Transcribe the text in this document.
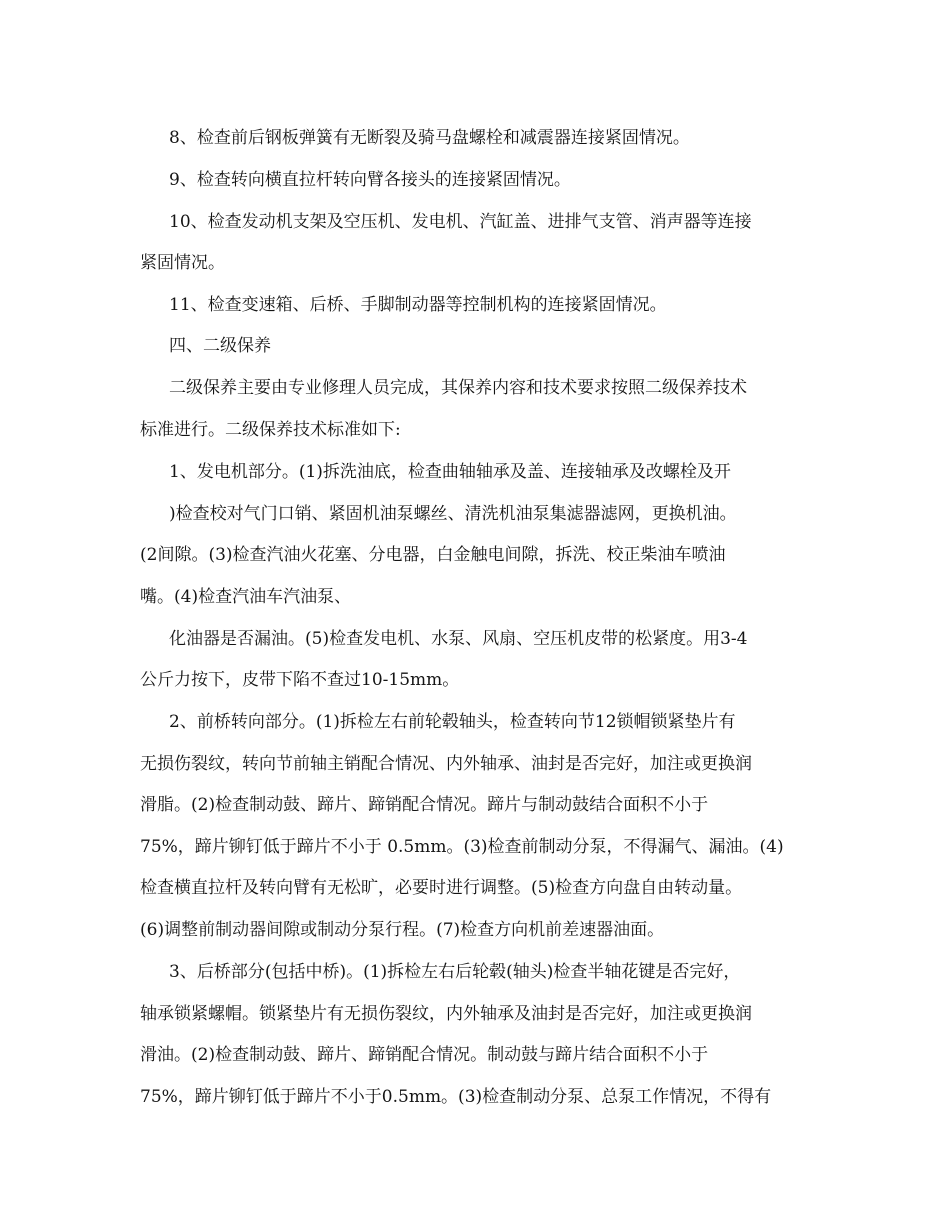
8、检查前后钢板弹簧有无断裂及骑马盘螺栓和减震器连接紧固情况。

9、检查转向横直拉杆转向臂各接头的连接紧固情况。

10、检查发动机支架及空压机、发电机、汽缸盖、进排气支管、消声器等连接

紧固情况。

11、检查变速箱、后桥、手脚制动器等控制机构的连接紧固情况。

四、二级保养

二级保养主要由专业修理人员完成，其保养内容和技术要求按照二级保养技术

标准进行。二级保养技术标准如下:

1、发电机部分。(1)拆洗油底，检查曲轴轴承及盖、连接轴承及改螺栓及开

)检查校对气门口销、紧固机油泵螺丝、清洗机油泵集滤器滤网，更换机油。

(2间隙。(3)检查汽油火花塞、分电器，白金触电间隙，拆洗、校正柴油车喷油

嘴。(4)检查汽油车汽油泵、

化油器是否漏油。(5)检查发电机、水泵、风扇、空压机皮带的松紧度。用3-4

公斤力按下，皮带下陷不查过10-15mm。

2、前桥转向部分。(1)拆检左右前轮毂轴头，检查转向节12锁帽锁紧垫片有

无损伤裂纹，转向节前轴主销配合情况、内外轴承、油封是否完好，加注或更换润

滑脂。(2)检查制动鼓、蹄片、蹄销配合情况。蹄片与制动鼓结合面积不小于

75%，蹄片铆钉低于蹄片不小于 0.5mm。(3)检查前制动分泵，不得漏气、漏油。(4)

检查横直拉杆及转向臂有无松旷，必要时进行调整。(5)检查方向盘自由转动量。

(6)调整前制动器间隙或制动分泵行程。(7)检查方向机前差速器油面。

3、后桥部分(包括中桥)。(1)拆检左右后轮毂(轴头)检查半轴花键是否完好，

轴承锁紧螺帽。锁紧垫片有无损伤裂纹，内外轴承及油封是否完好，加注或更换润

滑油。(2)检查制动鼓、蹄片、蹄销配合情况。制动鼓与蹄片结合面积不小于

75%，蹄片铆钉低于蹄片不小于0.5mm。(3)检查制动分泵、总泵工作情况，不得有
